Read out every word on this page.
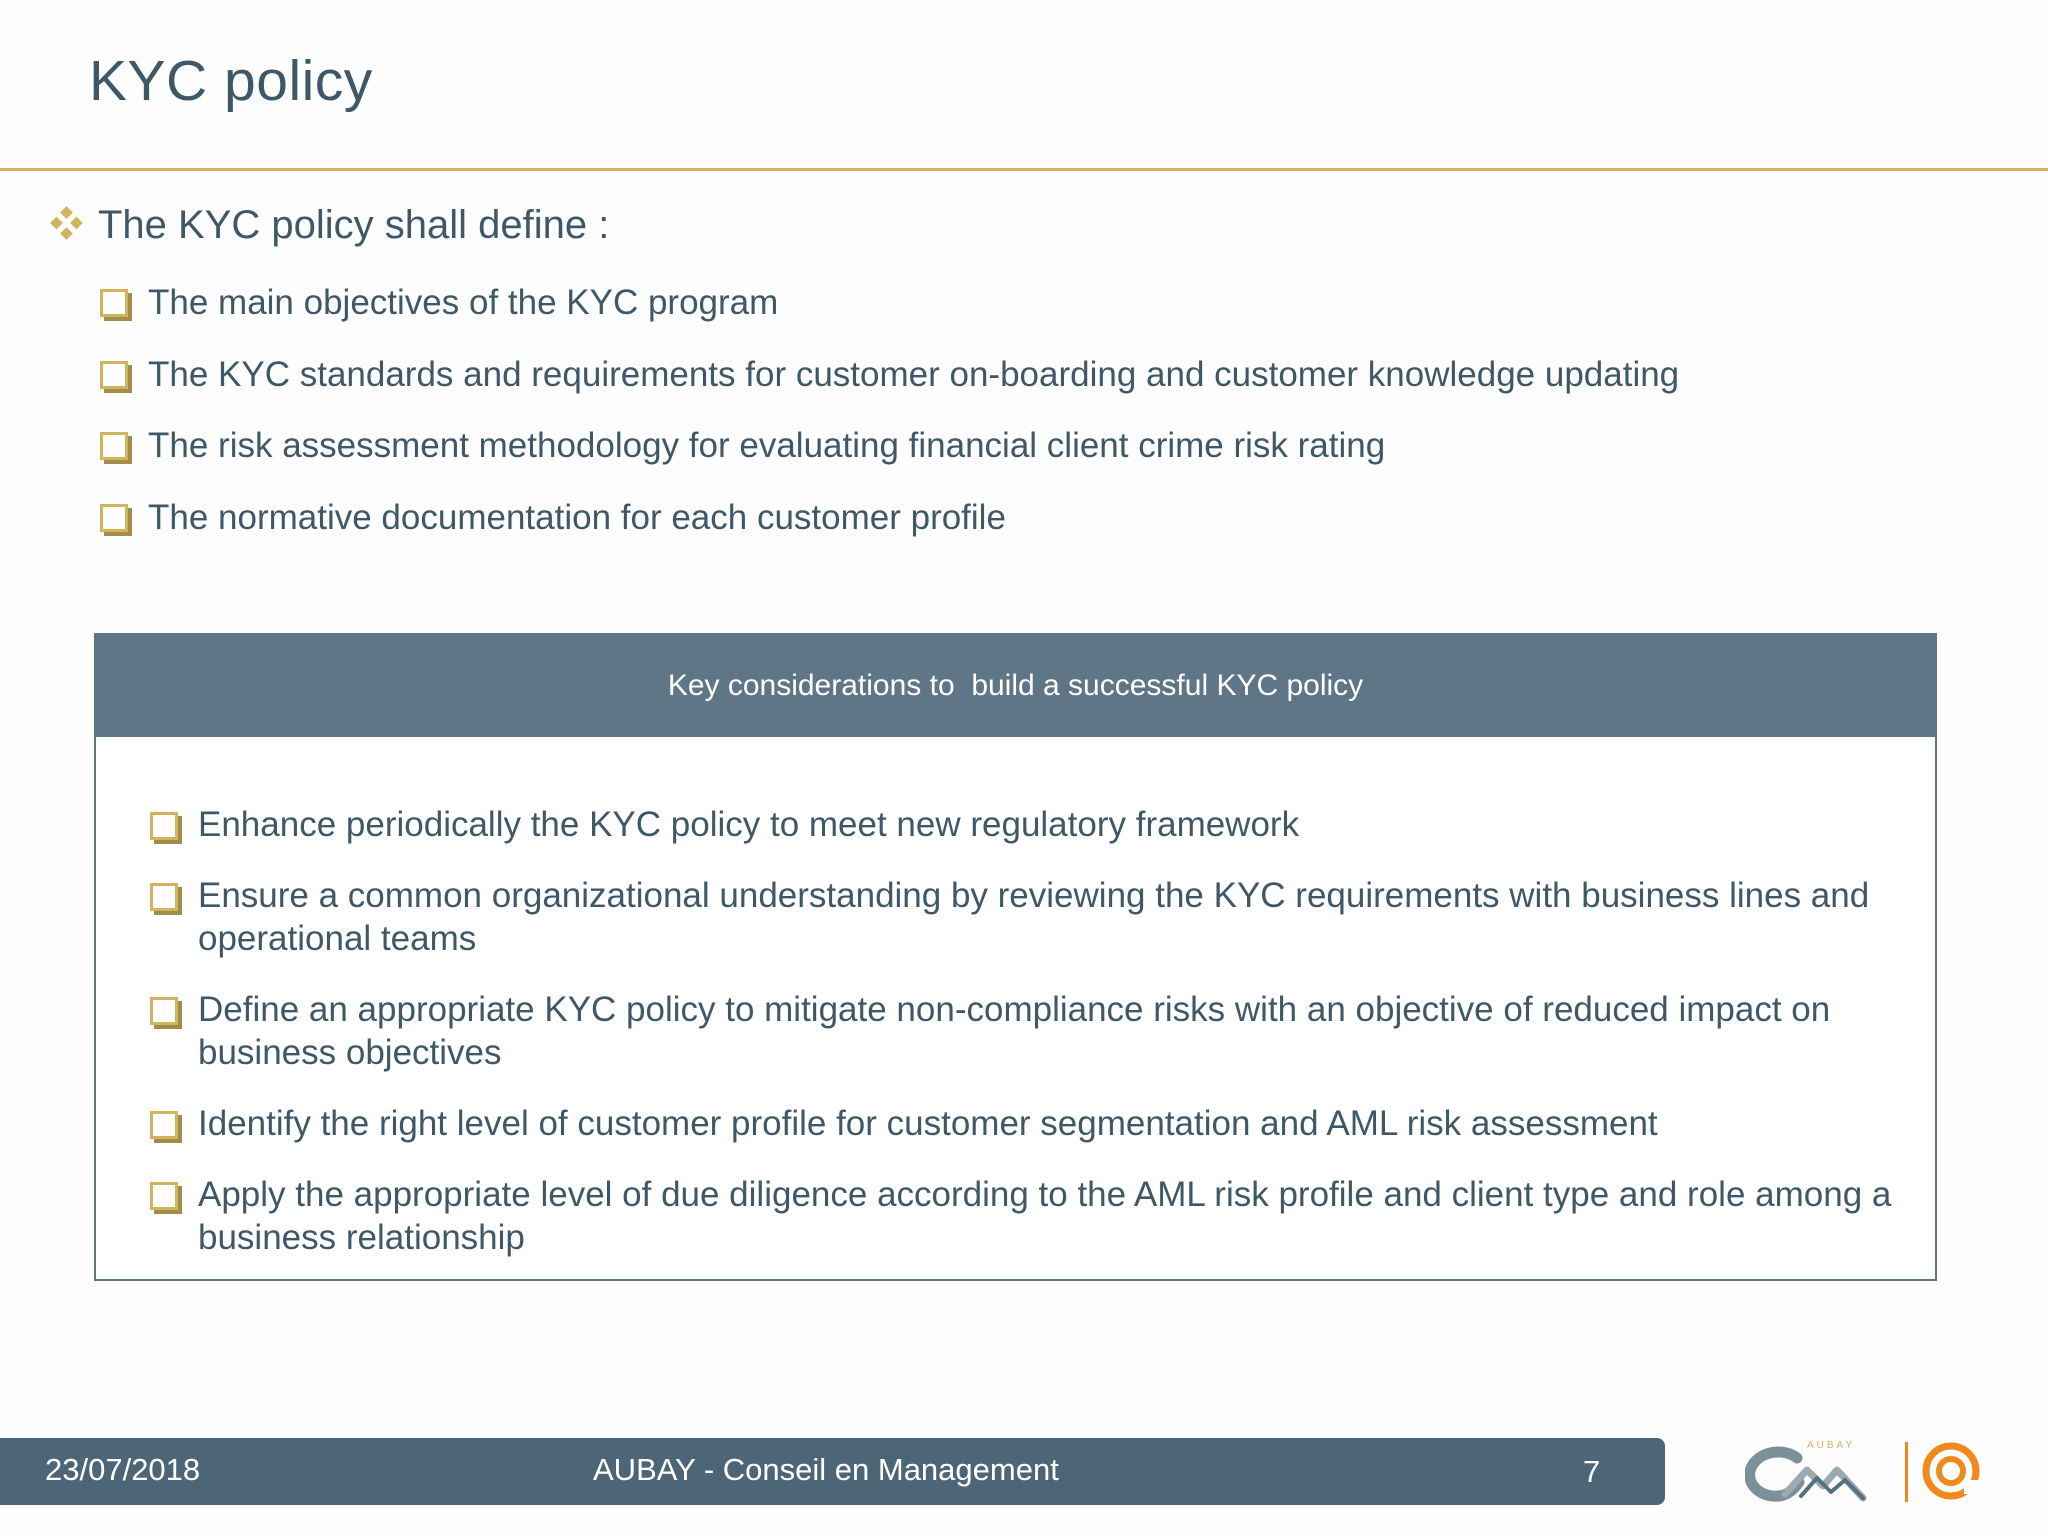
KYC policy
The KYC policy shall define :
The main objectives of the KYC program
The KYC standards and requirements for customer on-boarding and customer knowledge updating
The risk assessment methodology for evaluating financial client crime risk rating
The normative documentation for each customer profile
Key considerations to  build a successful KYC policy
Enhance periodically the KYC policy to meet new regulatory framework
Ensure a common organizational understanding by reviewing the KYC requirements with business lines and operational teams
Define an appropriate KYC policy to mitigate non-compliance risks with an objective of reduced impact on business objectives
Identify the right level of customer profile for customer segmentation and AML risk assessment
Apply the appropriate level of due diligence according to the AML risk profile and client type and role among a business relationship
23/07/2018	AUBAY - Conseil en Management	7
AUBAY
